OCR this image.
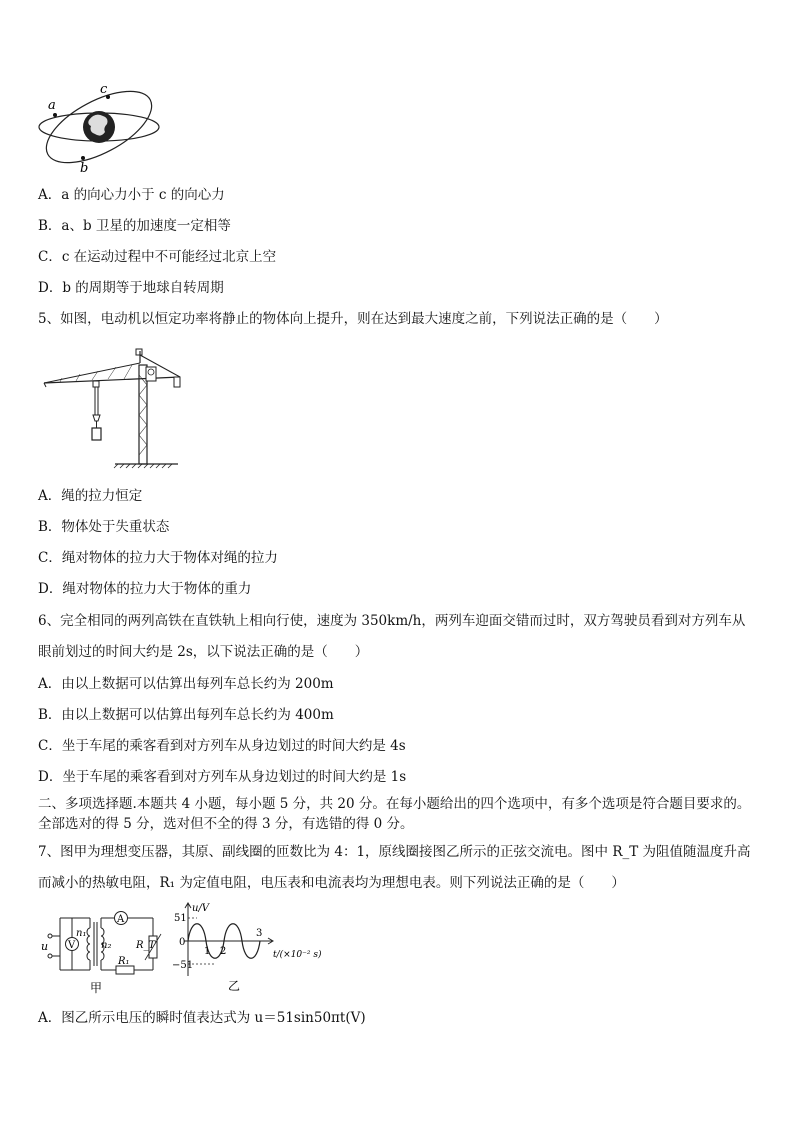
a
b
c
A．a 的向心力小于 c 的向心力
B．a、b 卫星的加速度一定相等
C．c 在运动过程中不可能经过北京上空
D．b 的周期等于地球自转周期
5、如图，电动机以恒定功率将静止的物体向上提升，则在达到最大速度之前，下列说法正确的是（　　）
A．绳的拉力恒定
B．物体处于失重状态
C．绳对物体的拉力大于物体对绳的拉力
D．绳对物体的拉力大于物体的重力
6、完全相同的两列高铁在直铁轨上相向行使，速度为 350km/h，两列车迎面交错而过时，双方驾驶员看到对方列车从
眼前划过的时间大约是 2s，以下说法正确的是（　　）
A．由以上数据可以估算出每列车总长约为 200m
B．由以上数据可以估算出每列车总长约为 400m
C．坐于车尾的乘客看到对方列车从身边划过的时间大约是 4s
D．坐于车尾的乘客看到对方列车从身边划过的时间大约是 1s
二、多项选择题.本题共 4 小题，每小题 5 分，共 20 分。在每小题给出的四个选项中，有多个选项是符合题目要求的。
全部选对的得 5 分，选对但不全的得 3 分，有选错的得 0 分。
7、图甲为理想变压器，其原、副线圈的匝数比为 4：1，原线圈接图乙所示的正弦交流电。图中 R_T 为阻值随温度升高
而减小的热敏电阻，R₁ 为定值电阻，电压表和电流表均为理想电表。则下列说法正确的是（　　）
u V
n₁
n₂
A
R_T
R₁
甲
u/V
51
0
−51
1 2
3
t/(×10⁻² s)
乙
A．图乙所示电压的瞬时值表达式为 u＝51sin50πt(V)
